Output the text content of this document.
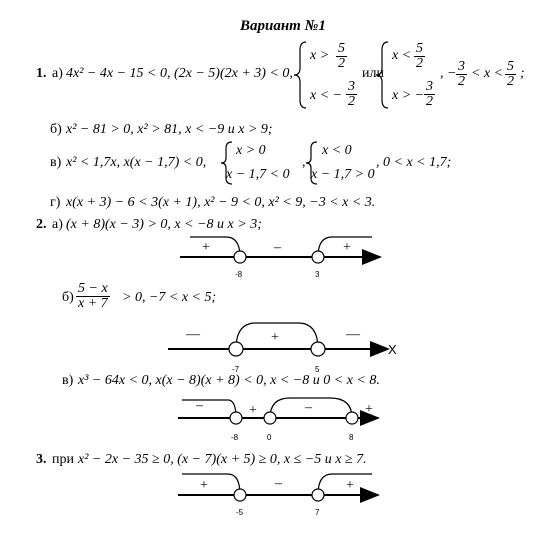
Вариант №1
1. а) 4x² − 4x − 15 < 0, (2x − 5)(2x + 3) < 0,
$x > \frac{5}{2}$
x < − $\frac{3}{2}$
или
$x < \frac{5}{2}$
x > − $\frac{3}{2}$
, − $\frac{3}{2} < x < \frac{5}{2}$ ;
б) x² − 81 > 0, x² > 81, x < −9 и x > 9;
в) x² < 1,7x, x(x − 1,7) < 0,
x > 0
x − 1,7 < 0
,
x < 0
x − 1,7 > 0
, 0 < x < 1,7;
г) x(x + 3) − 6 < 3(x + 1), x² − 9 < 0, x² < 9, −3 < x < 3.
2. а) (x + 8)(x − 3) > 0, x < −8 и x > 3;
$б) \frac{5 - x}{x + 7} > 0$, −7 < x < 5;
в) x³ − 64x < 0, x(x − 8)(x + 8) < 0, x < −8 и 0 < x < 8.
3. при x² − 2x − 35 ≥ 0, (x − 7)(x + 5) ≥ 0, x ≤ −5 и x ≥ 7.
+	–	+
-8	3
—	+	—
X
-7	5
–	+	–	+
-8	0	8
+	–	+
-5	7
